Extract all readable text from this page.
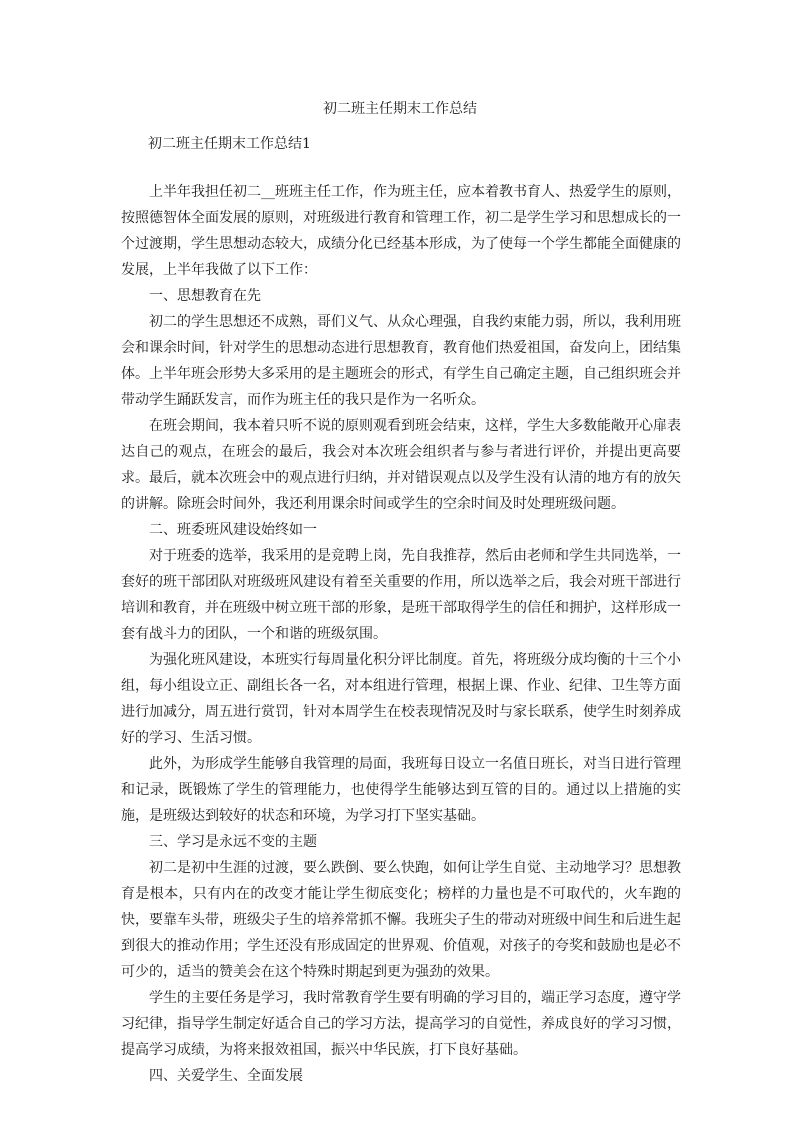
初二班主任期末工作总结

初二班主任期末工作总结1

上半年我担任初二__班班主任工作，作为班主任，应本着教书育人、热爱学生的原则，按照德智体全面发展的原则，对班级进行教育和管理工作，初二是学生学习和思想成长的一个过渡期，学生思想动态较大，成绩分化已经基本形成，为了使每一个学生都能全面健康的发展，上半年我做了以下工作：

一、思想教育在先

初二的学生思想还不成熟，哥们义气、从众心理强，自我约束能力弱，所以，我利用班会和课余时间，针对学生的思想动态进行思想教育，教育他们热爱祖国，奋发向上，团结集体。上半年班会形势大多采用的是主题班会的形式，有学生自己确定主题，自己组织班会并带动学生踊跃发言，而作为班主任的我只是作为一名听众。

在班会期间，我本着只听不说的原则观看到班会结束，这样，学生大多数能敞开心扉表达自己的观点，在班会的最后，我会对本次班会组织者与参与者进行评价，并提出更高要求。最后，就本次班会中的观点进行归纳，并对错误观点以及学生没有认清的地方有的放矢的讲解。除班会时间外，我还利用课余时间或学生的空余时间及时处理班级问题。

二、班委班风建设始终如一

对于班委的选举，我采用的是竞聘上岗，先自我推荐，然后由老师和学生共同选举，一套好的班干部团队对班级班风建设有着至关重要的作用，所以选举之后，我会对班干部进行培训和教育，并在班级中树立班干部的形象，是班干部取得学生的信任和拥护，这样形成一套有战斗力的团队，一个和谐的班级氛围。

为强化班风建设，本班实行每周量化积分评比制度。首先，将班级分成均衡的十三个小组，每小组设立正、副组长各一名，对本组进行管理，根据上课、作业、纪律、卫生等方面进行加减分，周五进行赏罚，针对本周学生在校表现情况及时与家长联系，使学生时刻养成好的学习、生活习惯。

此外，为形成学生能够自我管理的局面，我班每日设立一名值日班长，对当日进行管理和记录，既锻炼了学生的管理能力，也使得学生能够达到互管的目的。通过以上措施的实施，是班级达到较好的状态和环境，为学习打下坚实基础。

三、学习是永远不变的主题

初二是初中生涯的过渡，要么跌倒、要么快跑，如何让学生自觉、主动地学习？思想教育是根本，只有内在的改变才能让学生彻底变化；榜样的力量也是不可取代的，火车跑的快，要靠车头带，班级尖子生的培养常抓不懈。我班尖子生的带动对班级中间生和后进生起到很大的推动作用；学生还没有形成固定的世界观、价值观，对孩子的夸奖和鼓励也是必不可少的，适当的赞美会在这个特殊时期起到更为强劲的效果。

学生的主要任务是学习，我时常教育学生要有明确的学习目的，端正学习态度，遵守学习纪律，指导学生制定好适合自己的学习方法，提高学习的自觉性，养成良好的学习习惯，提高学习成绩，为将来报效祖国，振兴中华民族，打下良好基础。

四、关爱学生、全面发展
